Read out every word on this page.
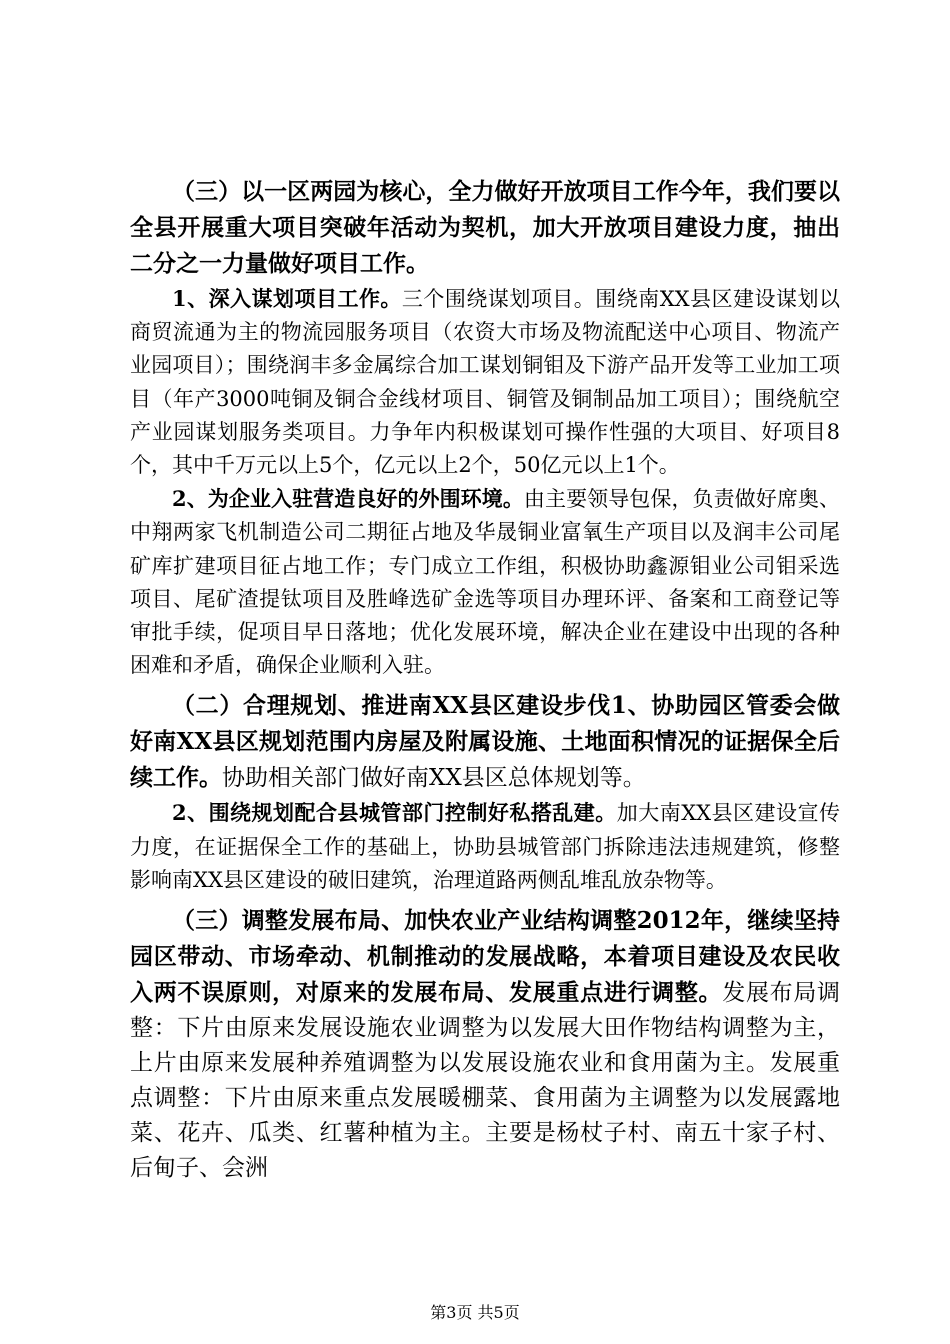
（三）以一区两园为核心，全力做好开放项目工作今年，我们要以全县开展重大项目突破年活动为契机，加大开放项目建设力度，抽出二分之一力量做好项目工作。

1、深入谋划项目工作。三个围绕谋划项目。围绕南XX县区建设谋划以商贸流通为主的物流园服务项目（农资大市场及物流配送中心项目、物流产业园项目）；围绕润丰多金属综合加工谋划铜钼及下游产品开发等工业加工项目（年产3000吨铜及铜合金线材项目、铜管及铜制品加工项目）；围绕航空产业园谋划服务类项目。力争年内积极谋划可操作性强的大项目、好项目8个，其中千万元以上5个，亿元以上2个，50亿元以上1个。

2、为企业入驻营造良好的外围环境。由主要领导包保，负责做好席奥、中翔两家飞机制造公司二期征占地及华晟铜业富氧生产项目以及润丰公司尾矿库扩建项目征占地工作；专门成立工作组，积极协助鑫源钼业公司钼采选项目、尾矿渣提钛项目及胜峰选矿金选等项目办理环评、备案和工商登记等审批手续，促项目早日落地；优化发展环境，解决企业在建设中出现的各种困难和矛盾，确保企业顺利入驻。

（二）合理规划、推进南XX县区建设步伐1、协助园区管委会做好南XX县区规划范围内房屋及附属设施、土地面积情况的证据保全后续工作。协助相关部门做好南XX县区总体规划等。

2、围绕规划配合县城管部门控制好私搭乱建。加大南XX县区建设宣传力度，在证据保全工作的基础上，协助县城管部门拆除违法违规建筑，修整影响南XX县区建设的破旧建筑，治理道路两侧乱堆乱放杂物等。

（三）调整发展布局、加快农业产业结构调整2012年，继续坚持园区带动、市场牵动、机制推动的发展战略，本着项目建设及农民收入两不误原则，对原来的发展布局、发展重点进行调整。发展布局调整：下片由原来发展设施农业调整为以发展大田作物结构调整为主，上片由原来发展种养殖调整为以发展设施农业和食用菌为主。发展重点调整：下片由原来重点发展暖棚菜、食用菌为主调整为以发展露地菜、花卉、瓜类、红薯种植为主。主要是杨杖子村、南五十家子村、后甸子、会洲

第3页 共5页
